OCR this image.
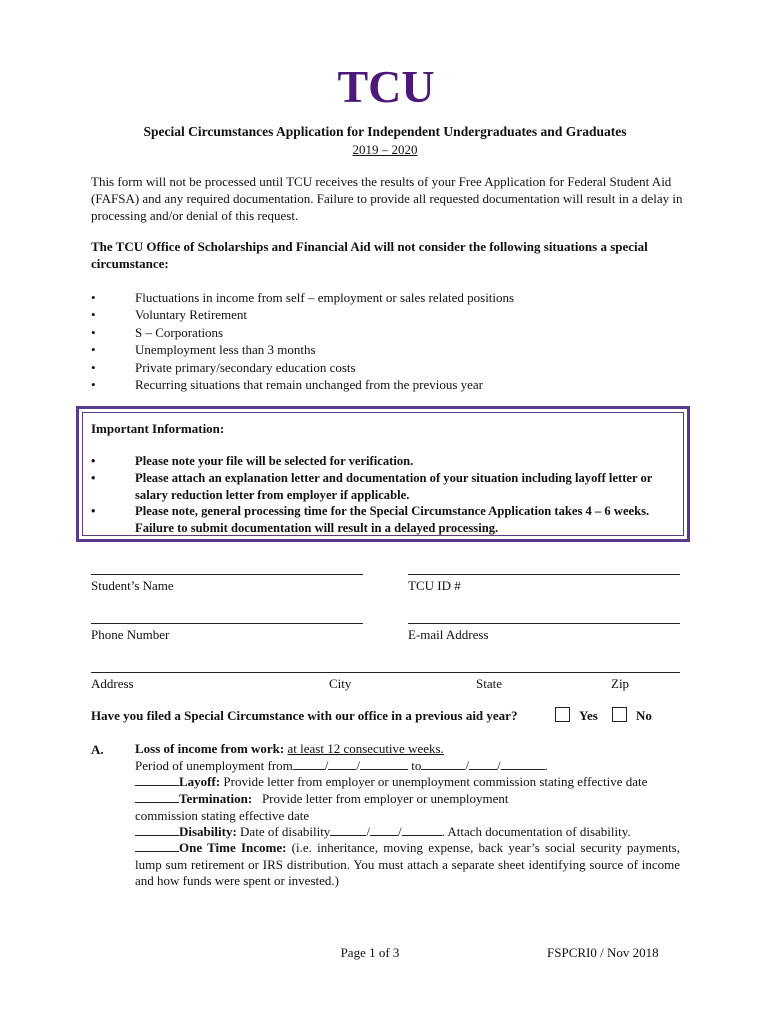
TCU
Special Circumstances Application for Independent Undergraduates and Graduates
2019 – 2020
This form will not be processed until TCU receives the results of your Free Application for Federal Student Aid (FAFSA) and any required documentation. Failure to provide all requested documentation will result in a delay in processing and/or denial of this request.
The TCU Office of Scholarships and Financial Aid will not consider the following situations a special circumstance:
• Fluctuations in income from self – employment or sales related positions
• Voluntary Retirement
• S – Corporations
• Unemployment less than 3 months
• Private primary/secondary education costs
• Recurring situations that remain unchanged from the previous year
Important Information:
• Please note your file will be selected for verification.
• Please attach an explanation letter and documentation of your situation including layoff letter or salary reduction letter from employer if applicable.
• Please note, general processing time for the Special Circumstance Application takes 4 – 6 weeks. Failure to submit documentation will result in a delayed processing.
Student’s Name	TCU ID #
Phone Number	E-mail Address
Address	City	State	Zip
Have you filed a Special Circumstance with our office in a previous aid year?	Yes	No
A. Loss of income from work: at least 12 consecutive weeks.
Period of unemployment from / /	to	/ /	.
Layoff: Provide letter from employer or unemployment commission stating effective date
Termination: Provide letter from employer or unemployment commission stating effective date
Disability: Date of disability	/ /	. Attach documentation of disability.
One Time Income: (i.e. inheritance, moving expense, back year’s social security payments, lump sum retirement or IRS distribution. You must attach a separate sheet identifying source of income and how funds were spent or invested.)
Page 1 of 3	FSPCRI0 / Nov 2018
